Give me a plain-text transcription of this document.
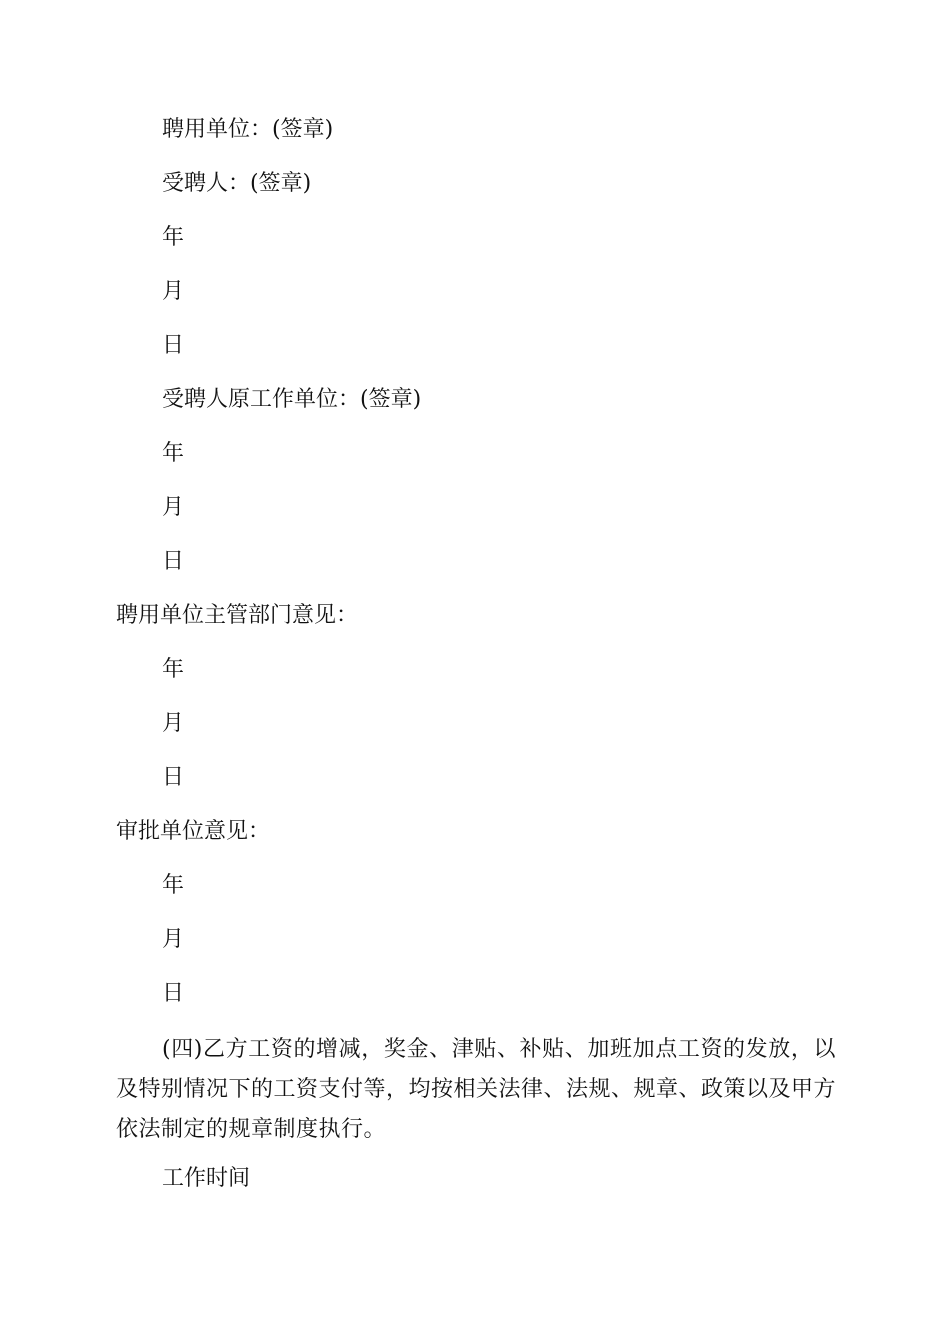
聘用单位：(签章)

受聘人：(签章)

年

月

日

受聘人原工作单位：(签章)

年

月

日

聘用单位主管部门意见：

年

月

日

审批单位意见：

年

月

日

(四)乙方工资的增减，奖金、津贴、补贴、加班加点工资的发放，以及特别情况下的工资支付等，均按相关法律、法规、规章、政策以及甲方依法制定的规章制度执行。

工作时间
